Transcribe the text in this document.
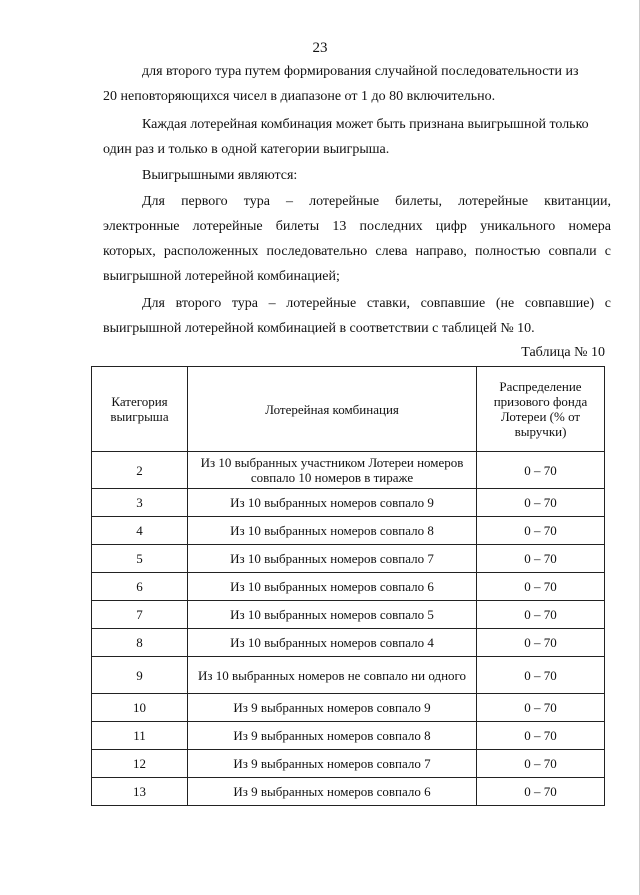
23
для второго тура путем формирования случайной последовательности из
20 неповторяющихся чисел в диапазоне от 1 до 80 включительно.
Каждая лотерейная комбинация может быть признана выигрышной только
один раз и только в одной категории выигрыша.
Выигрышными являются:
Для первого тура – лотерейные билеты, лотерейные квитанции,
электронные лотерейные билеты 13 последних цифр уникального номера
которых, расположенных последовательно слева направо, полностью совпали с
выигрышной лотерейной комбинацией;
Для второго тура – лотерейные ставки, совпавшие (не совпавшие) с
выигрышной лотерейной комбинацией в соответствии с таблицей № 10.
Таблица № 10
Категория выигрыша	Лотерейная комбинация	Распределение призового фонда Лотереи (% от выручки)
2	Из 10 выбранных участником Лотереи номеров совпало 10 номеров в тираже	0 – 70
3	Из 10 выбранных номеров совпало 9	0 – 70
4	Из 10 выбранных номеров совпало 8	0 – 70
5	Из 10 выбранных номеров совпало 7	0 – 70
6	Из 10 выбранных номеров совпало 6	0 – 70
7	Из 10 выбранных номеров совпало 5	0 – 70
8	Из 10 выбранных номеров совпало 4	0 – 70
9	Из 10 выбранных номеров не совпало ни одного	0 – 70
10	Из 9 выбранных номеров совпало 9	0 – 70
11	Из 9 выбранных номеров совпало 8	0 – 70
12	Из 9 выбранных номеров совпало 7	0 – 70
13	Из 9 выбранных номеров совпало 6	0 – 70
